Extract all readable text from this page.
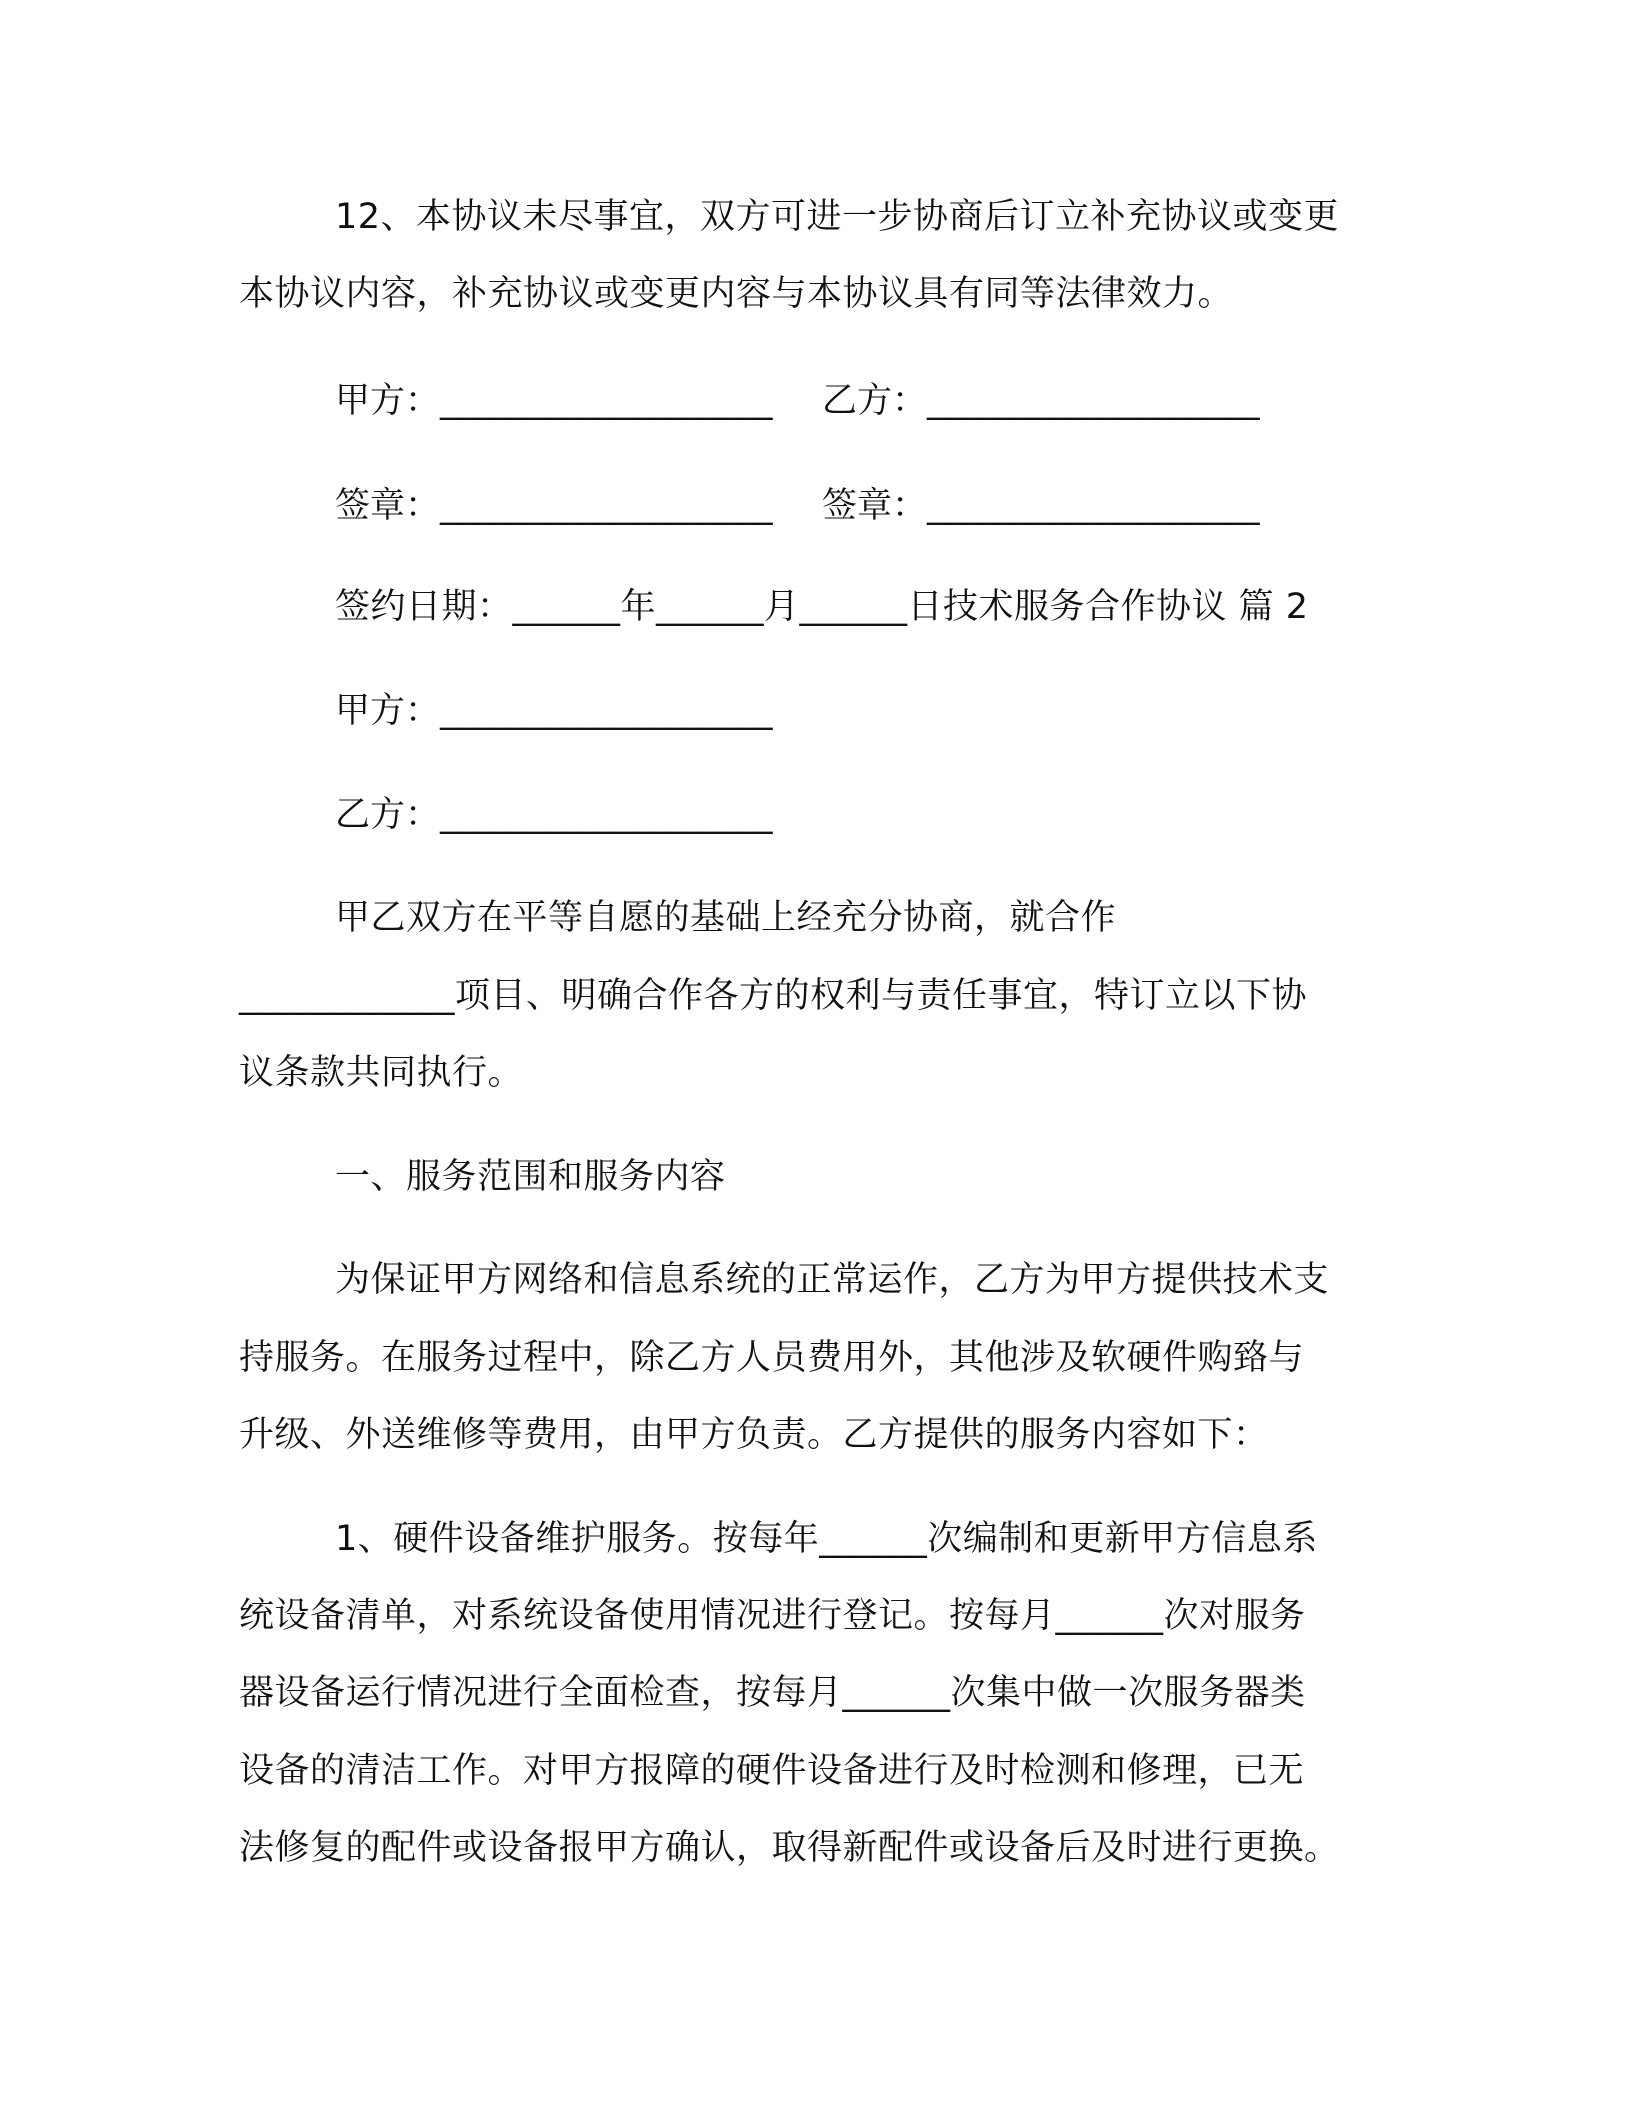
12、本协议未尽事宜，双方可进一步协商后订立补充协议或变更
本协议内容，补充协议或变更内容与本协议具有同等法律效力。
甲方：___________________ 乙方：___________________
签章：___________________ 签章：___________________
签约日期：______年______月______日技术服务合作协议 篇 2
甲方：___________________
乙方：___________________
甲乙双方在平等自愿的基础上经充分协商，就合作
____________项目、明确合作各方的权利与责任事宜，特订立以下协
议条款共同执行。
一、服务范围和服务内容
为保证甲方网络和信息系统的正常运作，乙方为甲方提供技术支
持服务。在服务过程中，除乙方人员费用外，其他涉及软硬件购臵与
升级、外送维修等费用，由甲方负责。乙方提供的服务内容如下：
1、硬件设备维护服务。按每年______次编制和更新甲方信息系
统设备清单，对系统设备使用情况进行登记。按每月______次对服务
器设备运行情况进行全面检查，按每月______次集中做一次服务器类
设备的清洁工作。对甲方报障的硬件设备进行及时检测和修理，已无
法修复的配件或设备报甲方确认，取得新配件或设备后及时进行更换。
